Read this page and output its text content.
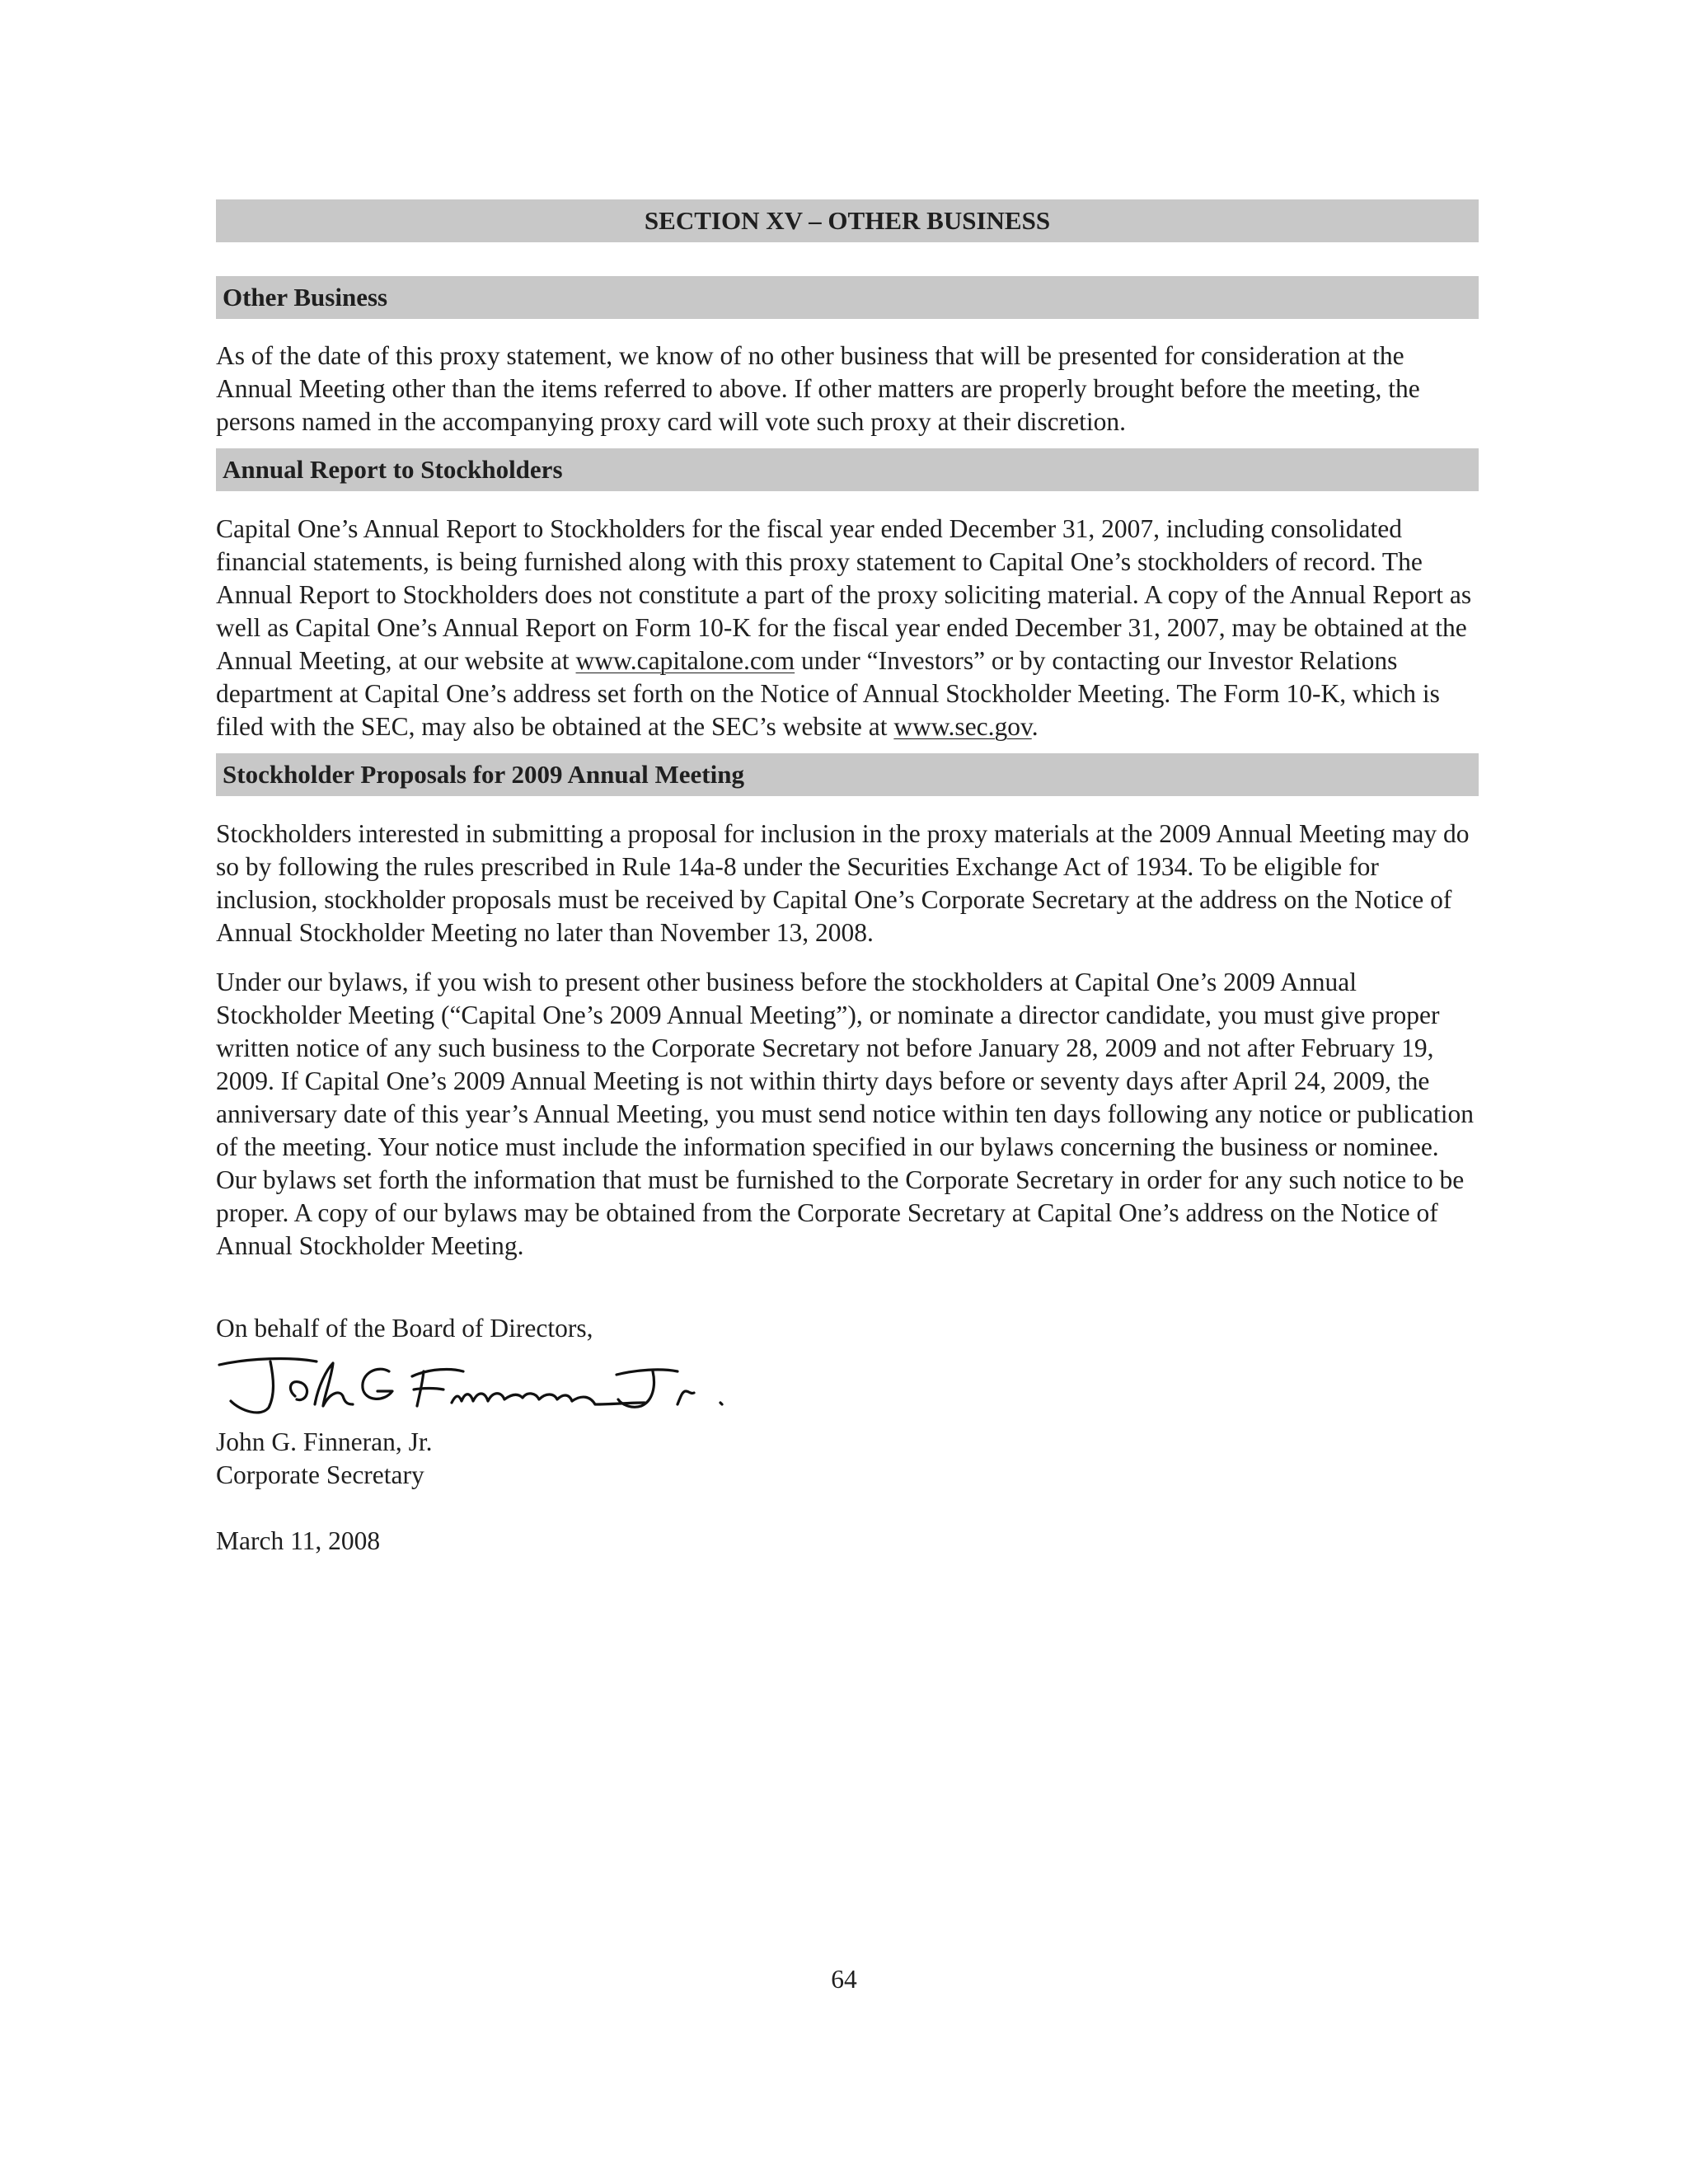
SECTION XV – OTHER BUSINESS
Other Business

As of the date of this proxy statement, we know of no other business that will be presented for consideration at the Annual Meeting other than the items referred to above. If other matters are properly brought before the meeting, the persons named in the accompanying proxy card will vote such proxy at their discretion.

Annual Report to Stockholders

Capital One’s Annual Report to Stockholders for the fiscal year ended December 31, 2007, including consolidated financial statements, is being furnished along with this proxy statement to Capital One’s stockholders of record. The Annual Report to Stockholders does not constitute a part of the proxy soliciting material. A copy of the Annual Report as well as Capital One’s Annual Report on Form 10-K for the fiscal year ended December 31, 2007, may be obtained at the Annual Meeting, at our website at www.capitalone.com under “Investors” or by contacting our Investor Relations department at Capital One’s address set forth on the Notice of Annual Stockholder Meeting. The Form 10-K, which is filed with the SEC, may also be obtained at the SEC’s website at www.sec.gov.

Stockholder Proposals for 2009 Annual Meeting

Stockholders interested in submitting a proposal for inclusion in the proxy materials at the 2009 Annual Meeting may do so by following the rules prescribed in Rule 14a-8 under the Securities Exchange Act of 1934. To be eligible for inclusion, stockholder proposals must be received by Capital One’s Corporate Secretary at the address on the Notice of Annual Stockholder Meeting no later than November 13, 2008.

Under our bylaws, if you wish to present other business before the stockholders at Capital One’s 2009 Annual Stockholder Meeting (“Capital One’s 2009 Annual Meeting”), or nominate a director candidate, you must give proper written notice of any such business to the Corporate Secretary not before January 28, 2009 and not after February 19, 2009. If Capital One’s 2009 Annual Meeting is not within thirty days before or seventy days after April 24, 2009, the anniversary date of this year’s Annual Meeting, you must send notice within ten days following any notice or publication of the meeting. Your notice must include the information specified in our bylaws concerning the business or nominee. Our bylaws set forth the information that must be furnished to the Corporate Secretary in order for any such notice to be proper. A copy of our bylaws may be obtained from the Corporate Secretary at Capital One’s address on the Notice of Annual Stockholder Meeting.

On behalf of the Board of Directors,
John G. Finneran, Jr.
Corporate Secretary
March 11, 2008
64
